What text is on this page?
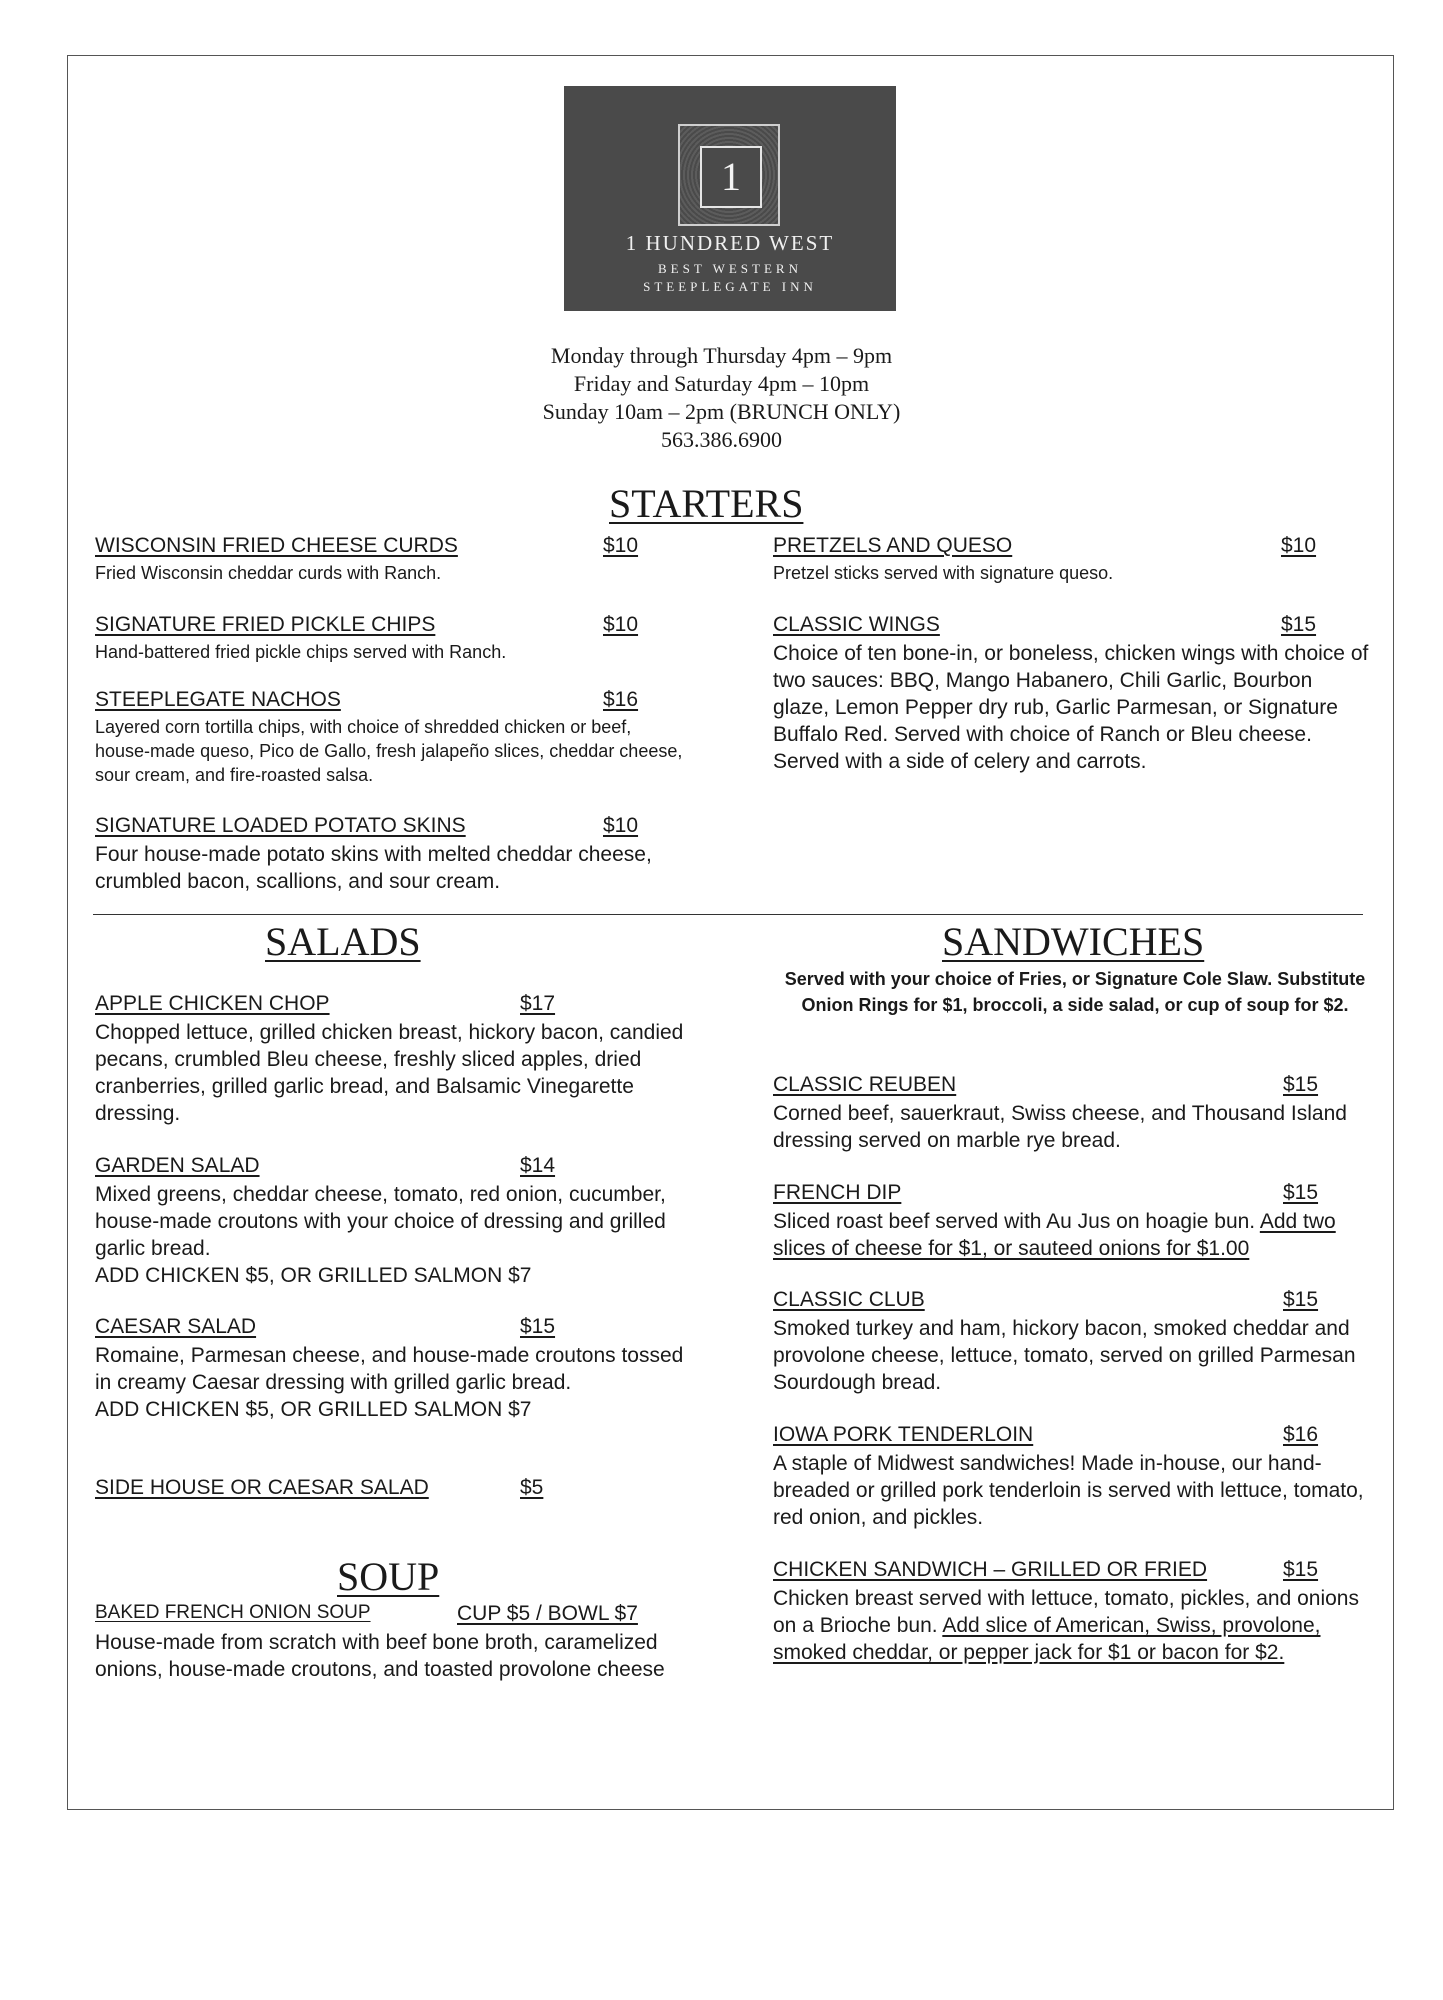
1
1 HUNDRED WEST
BEST WESTERN
STEEPLEGATE INN
Monday through Thursday 4pm – 9pm
Friday and Saturday 4pm – 10pm
Sunday 10am – 2pm (BRUNCH ONLY)
563.386.6900
STARTERS
WISCONSIN FRIED CHEESE CURDS	$10
Fried Wisconsin cheddar curds with Ranch.
SIGNATURE FRIED PICKLE CHIPS	$10
Hand-battered fried pickle chips served with Ranch.
STEEPLEGATE NACHOS	$16
Layered corn tortilla chips, with choice of shredded chicken or beef, house-made queso, Pico de Gallo, fresh jalapeño slices, cheddar cheese, sour cream, and fire-roasted salsa.
SIGNATURE LOADED POTATO SKINS	$10
Four house-made potato skins with melted cheddar cheese, crumbled bacon, scallions, and sour cream.
PRETZELS AND QUESO	$10
Pretzel sticks served with signature queso.
CLASSIC WINGS	$15
Choice of ten bone-in, or boneless, chicken wings with choice of two sauces: BBQ, Mango Habanero, Chili Garlic, Bourbon glaze, Lemon Pepper dry rub, Garlic Parmesan, or Signature Buffalo Red. Served with choice of Ranch or Bleu cheese. Served with a side of celery and carrots.
SALADS
APPLE CHICKEN CHOP	$17
Chopped lettuce, grilled chicken breast, hickory bacon, candied pecans, crumbled Bleu cheese, freshly sliced apples, dried cranberries, grilled garlic bread, and Balsamic Vinegarette dressing.
GARDEN SALAD	$14
Mixed greens, cheddar cheese, tomato, red onion, cucumber, house-made croutons with your choice of dressing and grilled garlic bread.
ADD CHICKEN $5, OR GRILLED SALMON $7
CAESAR SALAD	$15
Romaine, Parmesan cheese, and house-made croutons tossed in creamy Caesar dressing with grilled garlic bread.
ADD CHICKEN $5, OR GRILLED SALMON $7
SIDE HOUSE OR CAESAR SALAD	$5
SOUP
BAKED FRENCH ONION SOUP	CUP $5 / BOWL $7
House-made from scratch with beef bone broth, caramelized onions, house-made croutons, and toasted provolone cheese
SANDWICHES
Served with your choice of Fries, or Signature Cole Slaw. Substitute Onion Rings for $1, broccoli, a side salad, or cup of soup for $2.
CLASSIC REUBEN	$15
Corned beef, sauerkraut, Swiss cheese, and Thousand Island dressing served on marble rye bread.
FRENCH DIP	$15
Sliced roast beef served with Au Jus on hoagie bun. Add two slices of cheese for $1, or sauteed onions for $1.00
CLASSIC CLUB	$15
Smoked turkey and ham, hickory bacon, smoked cheddar and provolone cheese, lettuce, tomato, served on grilled Parmesan Sourdough bread.
IOWA PORK TENDERLOIN	$16
A staple of Midwest sandwiches! Made in-house, our hand-breaded or grilled pork tenderloin is served with lettuce, tomato, red onion, and pickles.
CHICKEN SANDWICH – GRILLED OR FRIED	$15
Chicken breast served with lettuce, tomato, pickles, and onions on a Brioche bun. Add slice of American, Swiss, provolone, smoked cheddar, or pepper jack for $1 or bacon for $2.
